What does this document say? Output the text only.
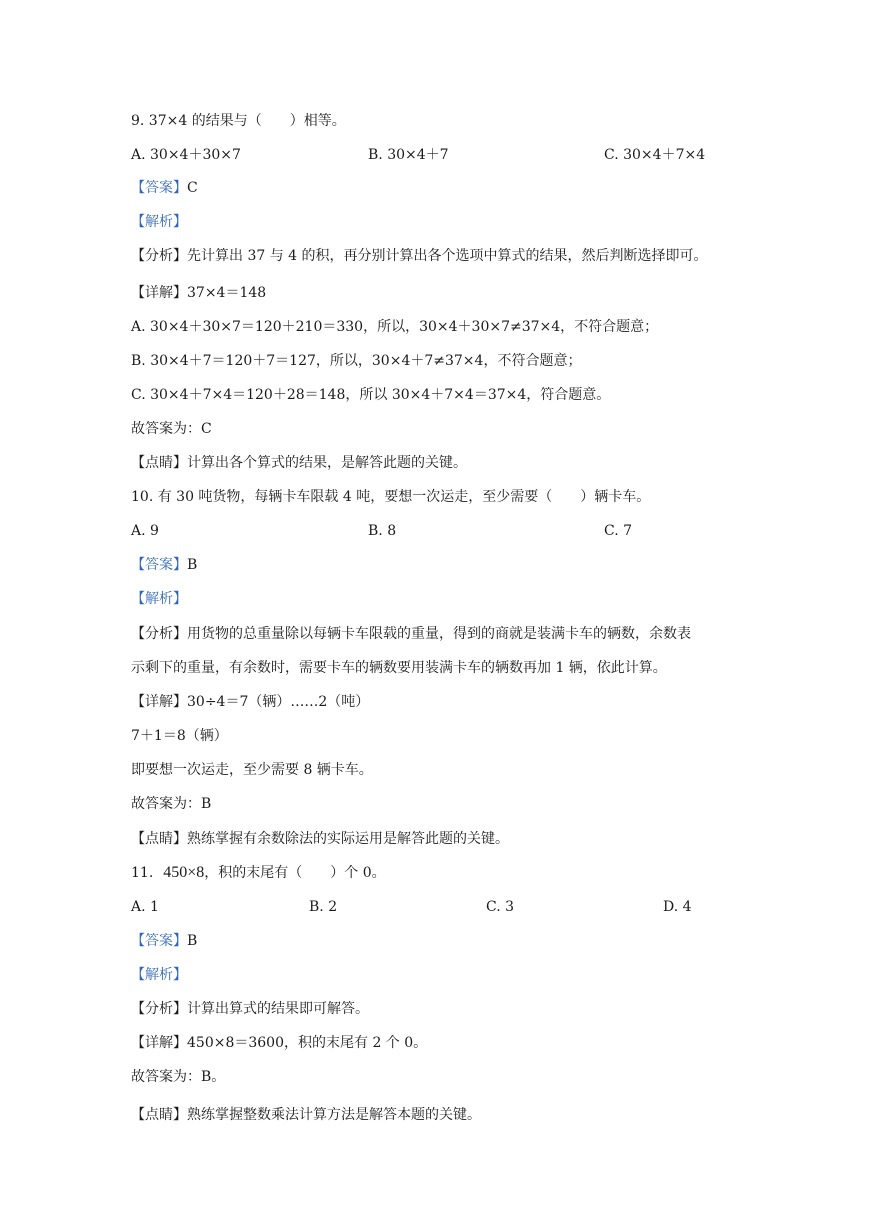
9. 37×4 的结果与（　　）相等。
A. 30×4＋30×7	B. 30×4＋7	C. 30×4＋7×4
【答案】C
【解析】
【分析】先计算出 37 与 4 的积，再分别计算出各个选项中算式的结果，然后判断选择即可。
【详解】37×4＝148
A. 30×4＋30×7＝120＋210＝330，所以，30×4＋30×7≠37×4，不符合题意；
B. 30×4＋7＝120＋7＝127，所以，30×4＋7≠37×4，不符合题意；
C. 30×4＋7×4＝120＋28＝148，所以 30×4＋7×4＝37×4，符合题意。
故答案为：C
【点睛】计算出各个算式的结果，是解答此题的关键。
10. 有 30 吨货物，每辆卡车限载 4 吨，要想一次运走，至少需要（　　）辆卡车。
A. 9	B. 8	C. 7
【答案】B
【解析】
【分析】用货物的总重量除以每辆卡车限载的重量，得到的商就是装满卡车的辆数，余数表
示剩下的重量，有余数时，需要卡车的辆数要用装满卡车的辆数再加 1 辆，依此计算。
【详解】30÷4＝7（辆）……2（吨）
7＋1＝8（辆）
即要想一次运走，至少需要 8 辆卡车。
故答案为：B
【点睛】熟练掌握有余数除法的实际运用是解答此题的关键。
11. 450×8，积的末尾有（　　）个 0。
A. 1	B. 2	C. 3	D. 4
【答案】B
【解析】
【分析】计算出算式的结果即可解答。
【详解】450×8＝3600，积的末尾有 2 个 0。
故答案为：B。
【点睛】熟练掌握整数乘法计算方法是解答本题的关键。
